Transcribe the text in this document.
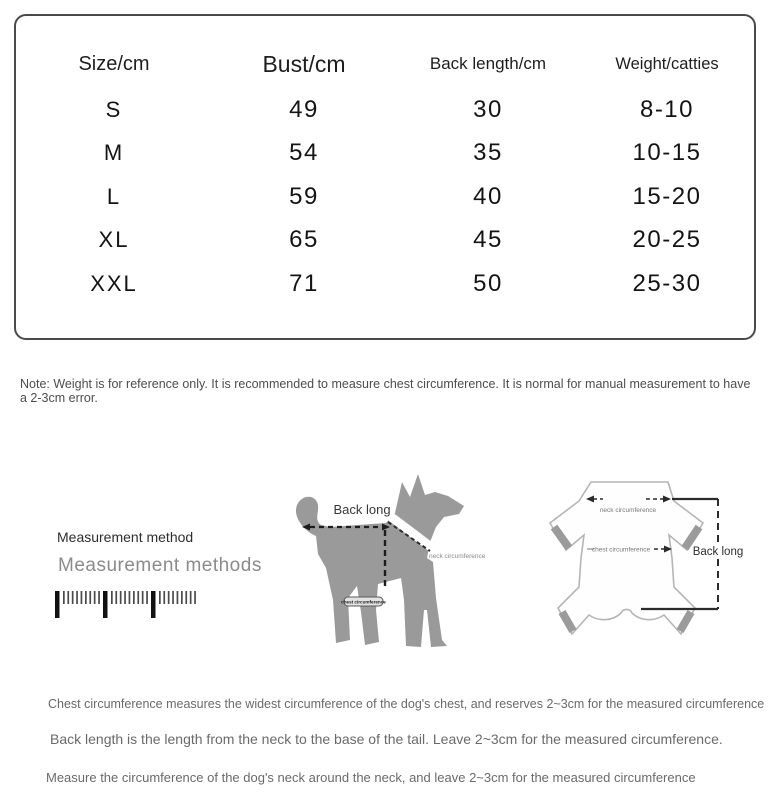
Size/cm	Bust/cm	Back length/cm	Weight/catties
S	49	30	8-10
M	54	35	10-15
L	59	40	15-20
XL	65	45	20-25
XXL	71	50	25-30
Note: Weight is for reference only. It is recommended to measure chest circumference. It is normal for manual measurement to have a 2-3cm error.
Measurement method
Measurement methods
Back long
neck circumference
chest circumference
neck circumference
chest circumference	Back long
Chest circumference measures the widest circumference of the dog's chest, and reserves 2~3cm for the measured circumference
Back length is the length from the neck to the base of the tail. Leave 2~3cm for the measured circumference.
Measure the circumference of the dog's neck around the neck, and leave 2~3cm for the measured circumference
